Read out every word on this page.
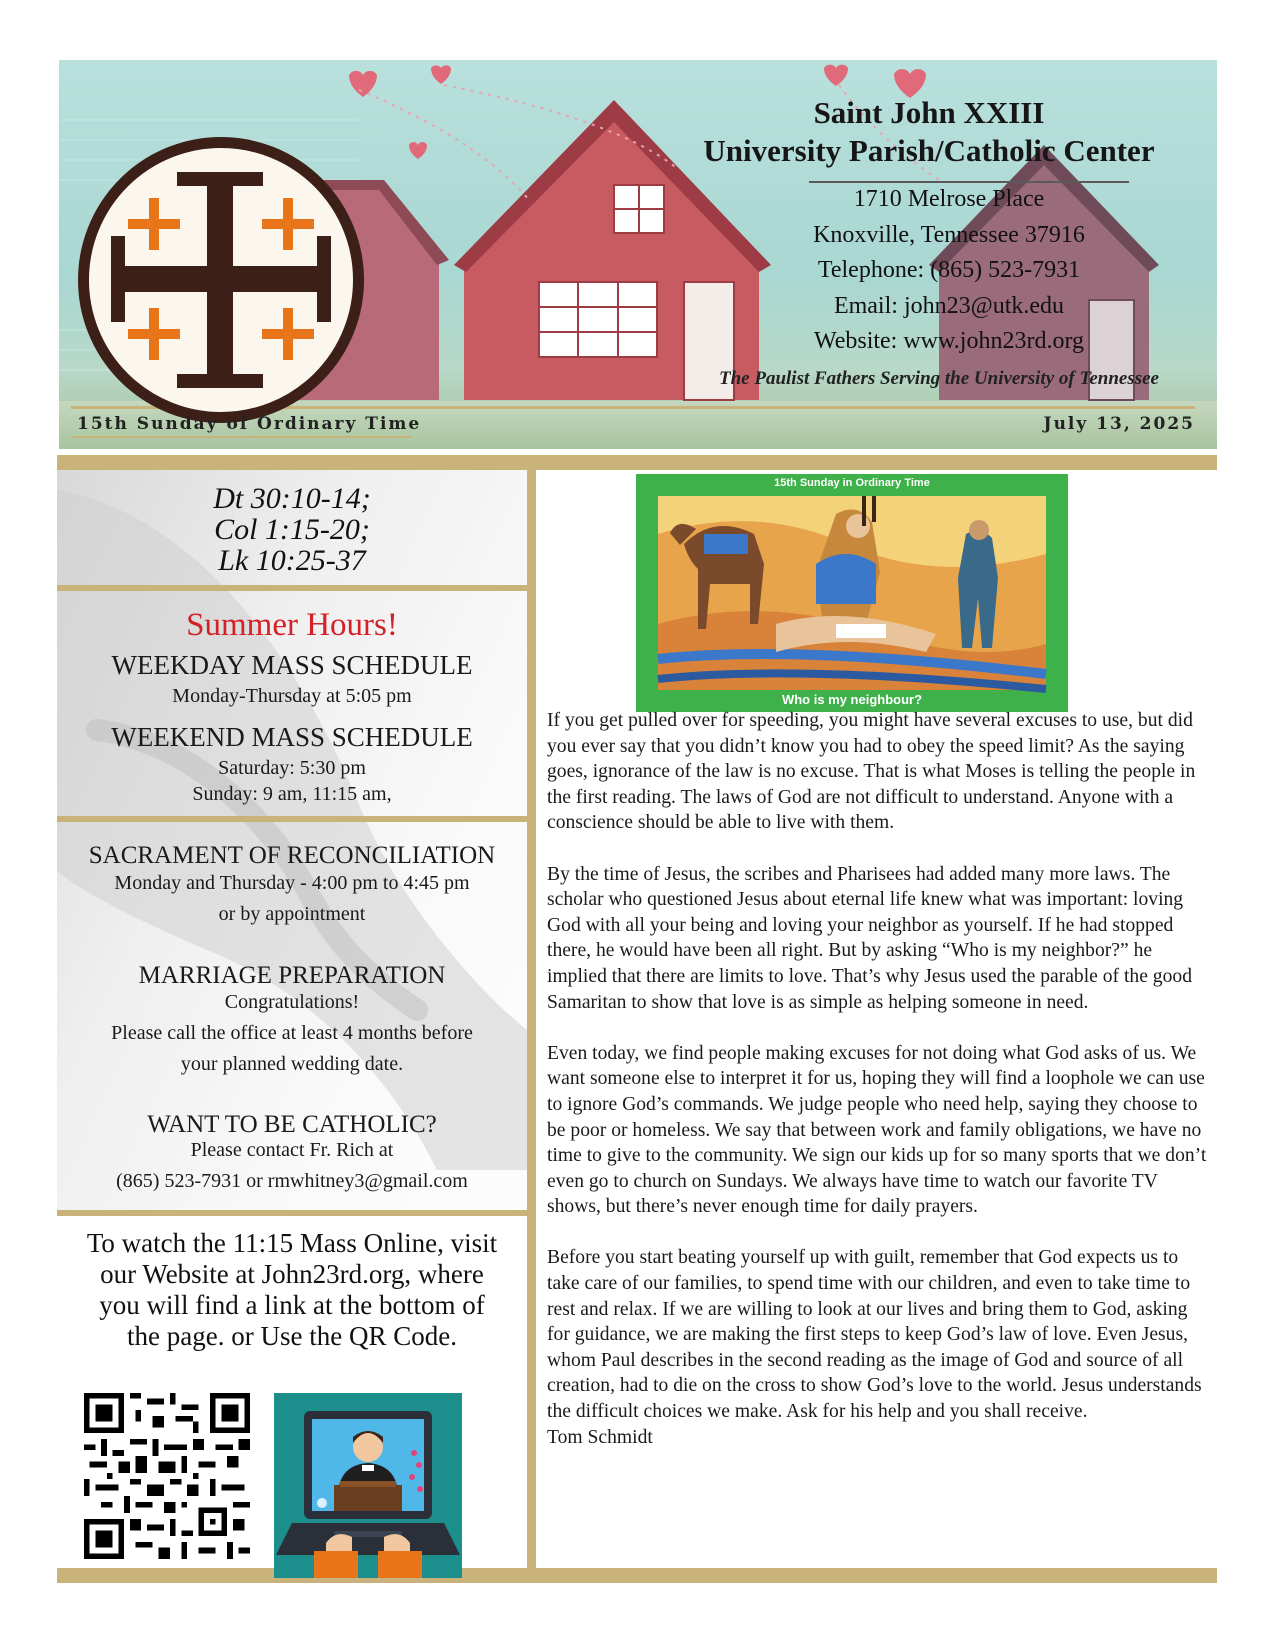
Saint John XXIII
University Parish/Catholic Center
1710 Melrose Place
Knoxville, Tennessee 37916
Telephone: (865) 523-7931
Email: john23@utk.edu
Website: www.john23rd.org
The Paulist Fathers Serving the University of Tennessee
15th Sunday of Ordinary Time	July 13, 2025
Dt 30:10-14;
Col 1:15-20;
Lk 10:25-37
Summer Hours!
WEEKDAY MASS SCHEDULE
Monday-Thursday at 5:05 pm
WEEKEND MASS SCHEDULE
Saturday: 5:30 pm
Sunday: 9 am, 11:15 am,
SACRAMENT OF RECONCILIATION
Monday and Thursday - 4:00 pm to 4:45 pm
or by appointment
MARRIAGE PREPARATION
Congratulations!
Please call the office at least 4 months before
your planned wedding date.
WANT TO BE CATHOLIC?
Please contact Fr. Rich at
(865) 523-7931 or rmwhitney3@gmail.com
To watch the 11:15 Mass Online, visit
our Website at John23rd.org, where
you will find a link at the bottom of
the page. or Use the QR Code.
15th Sunday in Ordinary Time
Who is my neighbour?

If you get pulled over for speeding, you might have several excuses to use, but did you ever say that you didn’t know you had to obey the speed limit? As the saying goes, ignorance of the law is no excuse. That is what Moses is telling the people in the first reading. The laws of God are not difficult to understand. Anyone with a conscience should be able to live with them.

By the time of Jesus, the scribes and Pharisees had added many more laws. The scholar who questioned Jesus about eternal life knew what was important: loving God with all your being and loving your neighbor as yourself. If he had stopped there, he would have been all right. But by asking “Who is my neighbor?” he implied that there are limits to love. That’s why Jesus used the parable of the good Samaritan to show that love is as simple as helping someone in need.

Even today, we find people making excuses for not doing what God asks of us. We want someone else to interpret it for us, hoping they will find a loophole we can use to ignore God’s commands. We judge people who need help, saying they choose to be poor or homeless. We say that between work and family obligations, we have no time to give to the community. We sign our kids up for so many sports that we don’t even go to church on Sundays. We always have time to watch our favorite TV shows, but there’s never enough time for daily prayers.

Before you start beating yourself up with guilt, remember that God expects us to take care of our families, to spend time with our children, and even to take time to rest and relax. If we are willing to look at our lives and bring them to God, asking for guidance, we are making the first steps to keep God’s law of love. Even Jesus, whom Paul describes in the second reading as the image of God and source of all creation, had to die on the cross to show God’s love to the world. Jesus understands the difficult choices we make. Ask for his help and you shall receive.

Tom Schmidt
